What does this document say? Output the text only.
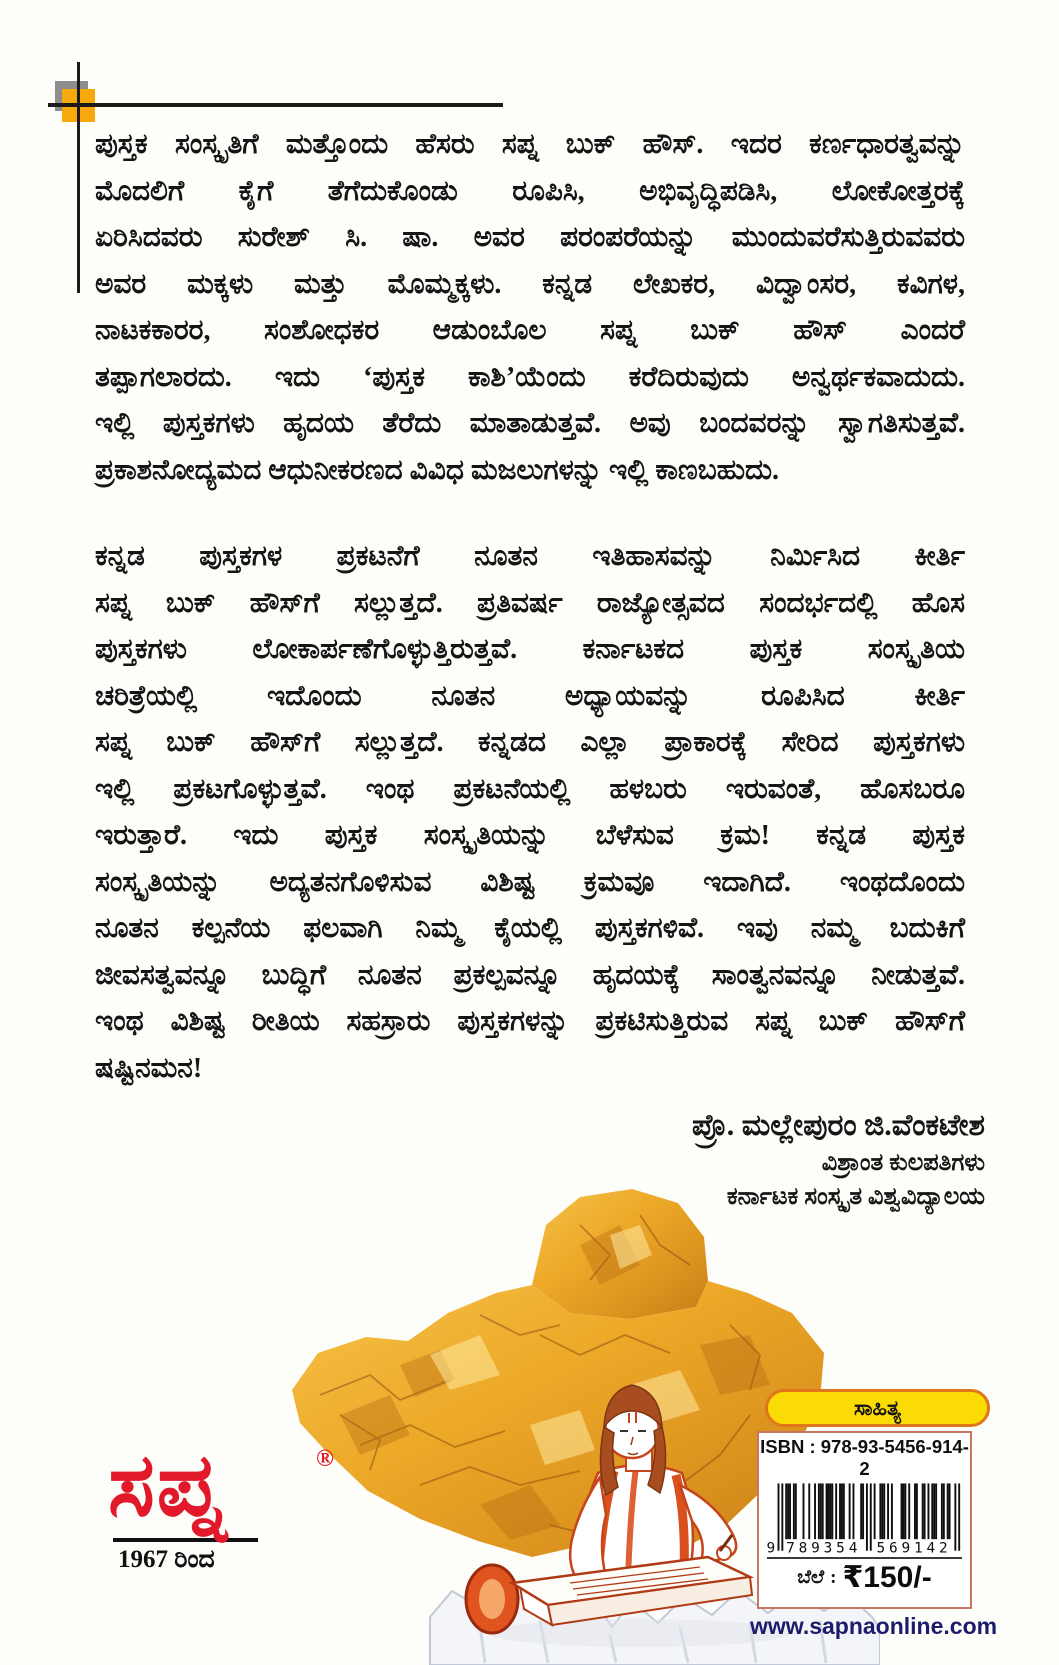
ಪುಸ್ತಕ ಸಂಸ್ಕೃತಿಗೆ ಮತ್ತೊಂದು ಹೆಸರು ಸಪ್ನ ಬುಕ್ ಹೌಸ್. ಇದರ ಕರ್ಣಧಾರತ್ವವನ್ನು
ಮೊದಲಿಗೆ ಕೈಗೆ ತೆಗೆದುಕೊಂಡು ರೂಪಿಸಿ, ಅಭಿವೃದ್ಧಿಪಡಿಸಿ, ಲೋಕೋತ್ತರಕ್ಕೆ
ಏರಿಸಿದವರು ಸುರೇಶ್ ಸಿ. ಷಾ. ಅವರ ಪರಂಪರೆಯನ್ನು ಮುಂದುವರೆಸುತ್ತಿರುವವರು
ಅವರ ಮಕ್ಕಳು ಮತ್ತು ಮೊಮ್ಮಕ್ಕಳು. ಕನ್ನಡ ಲೇಖಕರ, ವಿದ್ವಾಂಸರ, ಕವಿಗಳ,
ನಾಟಕಕಾರರ, ಸಂಶೋಧಕರ ಆಡುಂಬೊಲ ಸಪ್ನ ಬುಕ್ ಹೌಸ್ ಎಂದರೆ
ತಪ್ಪಾಗಲಾರದು. ಇದು ‘ಪುಸ್ತಕ ಕಾಶಿ’ಯೆಂದು ಕರೆದಿರುವುದು ಅನ್ವರ್ಥಕವಾದುದು.
ಇಲ್ಲಿ ಪುಸ್ತಕಗಳು ಹೃದಯ ತೆರೆದು ಮಾತಾಡುತ್ತವೆ. ಅವು ಬಂದವರನ್ನು ಸ್ವಾಗತಿಸುತ್ತವೆ.
ಪ್ರಕಾಶನೋದ್ಯಮದ ಆಧುನೀಕರಣದ ವಿವಿಧ ಮಜಲುಗಳನ್ನು ಇಲ್ಲಿ ಕಾಣಬಹುದು.
ಕನ್ನಡ ಪುಸ್ತಕಗಳ ಪ್ರಕಟನೆಗೆ ನೂತನ ಇತಿಹಾಸವನ್ನು ನಿರ್ಮಿಸಿದ ಕೀರ್ತಿ
ಸಪ್ನ ಬುಕ್ ಹೌಸ್‌ಗೆ ಸಲ್ಲುತ್ತದೆ. ಪ್ರತಿವರ್ಷ ರಾಜ್ಯೋತ್ಸವದ ಸಂದರ್ಭದಲ್ಲಿ ಹೊಸ
ಪುಸ್ತಕಗಳು ಲೋಕಾರ್ಪಣೆಗೊಳ್ಳುತ್ತಿರುತ್ತವೆ. ಕರ್ನಾಟಕದ ಪುಸ್ತಕ ಸಂಸ್ಕೃತಿಯ
ಚರಿತ್ರೆಯಲ್ಲಿ ಇದೊಂದು ನೂತನ ಅಧ್ಯಾಯವನ್ನು ರೂಪಿಸಿದ ಕೀರ್ತಿ
ಸಪ್ನ ಬುಕ್ ಹೌಸ್‌ಗೆ ಸಲ್ಲುತ್ತದೆ. ಕನ್ನಡದ ಎಲ್ಲಾ ಪ್ರಾಕಾರಕ್ಕೆ ಸೇರಿದ ಪುಸ್ತಕಗಳು
ಇಲ್ಲಿ ಪ್ರಕಟಗೊಳ್ಳುತ್ತವೆ. ಇಂಥ ಪ್ರಕಟನೆಯಲ್ಲಿ ಹಳಬರು ಇರುವಂತೆ, ಹೊಸಬರೂ
ಇರುತ್ತಾರೆ. ಇದು ಪುಸ್ತಕ ಸಂಸ್ಕೃತಿಯನ್ನು ಬೆಳೆಸುವ ಕ್ರಮ! ಕನ್ನಡ ಪುಸ್ತಕ
ಸಂಸ್ಕೃತಿಯನ್ನು ಅದ್ಯತನಗೊಳಿಸುವ ವಿಶಿಷ್ಟ ಕ್ರಮವೂ ಇದಾಗಿದೆ. ಇಂಥದೊಂದು
ನೂತನ ಕಲ್ಪನೆಯ ಫಲವಾಗಿ ನಿಮ್ಮ ಕೈಯಲ್ಲಿ ಪುಸ್ತಕಗಳಿವೆ. ಇವು ನಮ್ಮ ಬದುಕಿಗೆ
ಜೀವಸತ್ವವನ್ನೂ ಬುದ್ಧಿಗೆ ನೂತನ ಪ್ರಕಲ್ಪವನ್ನೂ ಹೃದಯಕ್ಕೆ ಸಾಂತ್ವನವನ್ನೂ ನೀಡುತ್ತವೆ.
ಇಂಥ ವಿಶಿಷ್ಟ ರೀತಿಯ ಸಹಸ್ರಾರು ಪುಸ್ತಕಗಳನ್ನು ಪ್ರಕಟಿಸುತ್ತಿರುವ ಸಪ್ನ ಬುಕ್ ಹೌಸ್‌ಗೆ
ಷಷ್ಟಿನಮನ!
ಪ್ರೊ. ಮಲ್ಲೇಪುರಂ ಜಿ.ವೆಂಕಟೇಶ
ವಿಶ್ರಾಂತ ಕುಲಪತಿಗಳು
ಕರ್ನಾಟಕ ಸಂಸ್ಕೃತ ವಿಶ್ವವಿದ್ಯಾಲಯ
ಸಪ್ನ	®
1967 ರಿಂದ
ಸಾಹಿತ್ಯ
ISBN : 978-93-5456-914-2
9 789354 569142
ಬೆಲೆ : ₹150/-
www.sapnaonline.com
